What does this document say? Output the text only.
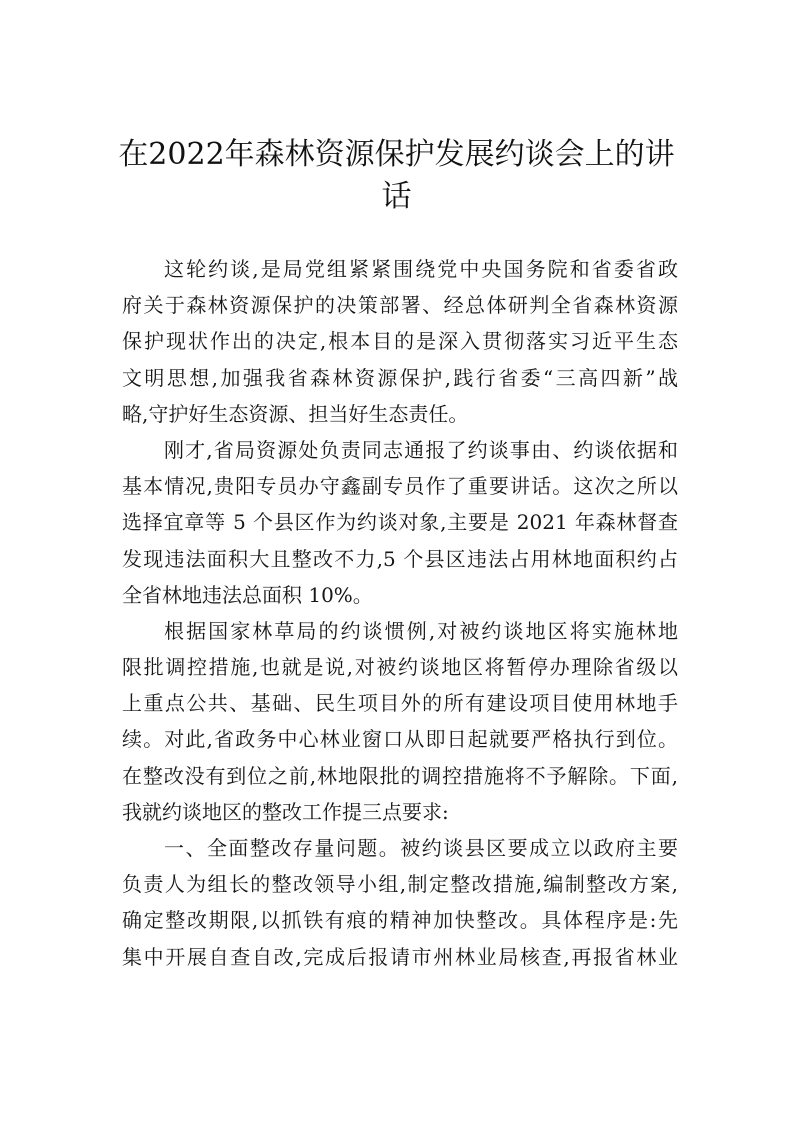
在2022年森林资源保护发展约谈会上的讲
话
这轮约谈,是局党组紧紧围绕党中央国务院和省委省政
府关于森林资源保护的决策部署、经总体研判全省森林资源
保护现状作出的决定,根本目的是深入贯彻落实习近平生态
文明思想,加强我省森林资源保护,践行省委“三高四新”战
略,守护好生态资源、担当好生态责任。
刚才,省局资源处负责同志通报了约谈事由、约谈依据和
基本情况,贵阳专员办守鑫副专员作了重要讲话。这次之所以
选择宜章等 5 个县区作为约谈对象,主要是 2021 年森林督查
发现违法面积大且整改不力,5 个县区违法占用林地面积约占
全省林地违法总面积 10%。
根据国家林草局的约谈惯例,对被约谈地区将实施林地
限批调控措施,也就是说,对被约谈地区将暂停办理除省级以
上重点公共、基础、民生项目外的所有建设项目使用林地手
续。对此,省政务中心林业窗口从即日起就要严格执行到位。
在整改没有到位之前,林地限批的调控措施将不予解除。下面,
我就约谈地区的整改工作提三点要求:
一、全面整改存量问题。被约谈县区要成立以政府主要
负责人为组长的整改领导小组,制定整改措施,编制整改方案,
确定整改期限,以抓铁有痕的精神加快整改。具体程序是:先
集中开展自查自改,完成后报请市州林业局核查,再报省林业
